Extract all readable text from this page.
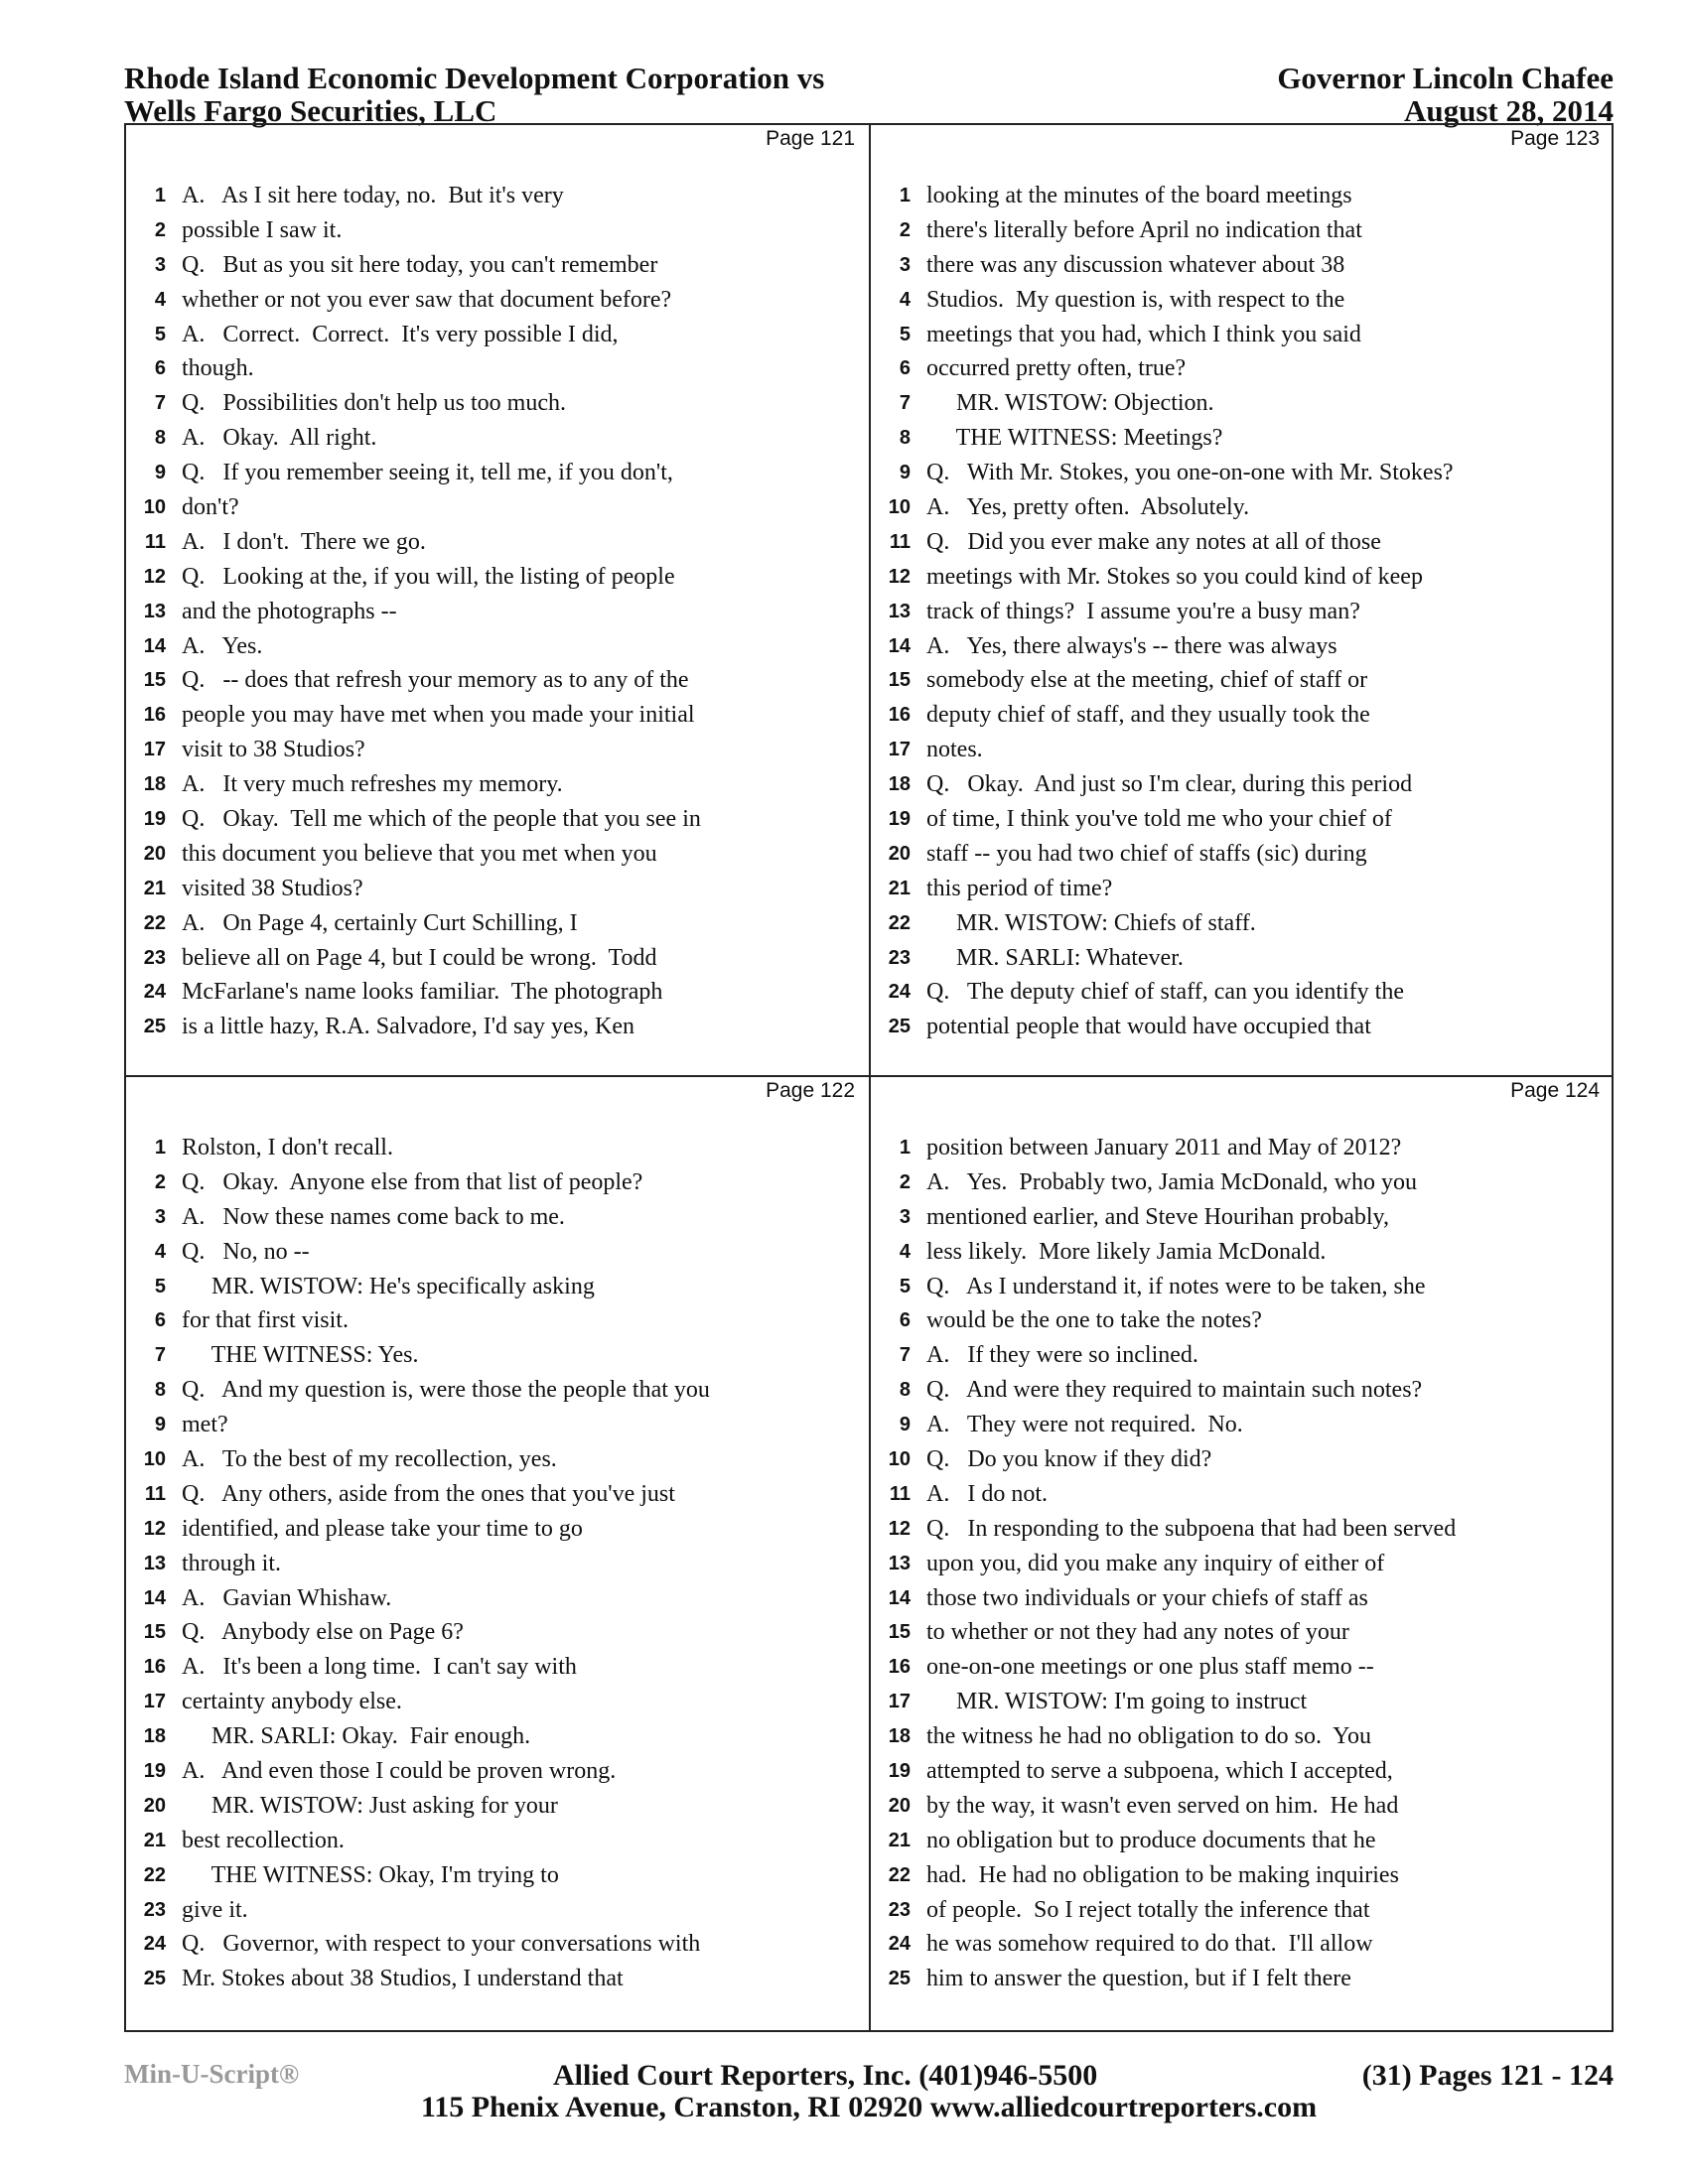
Rhode Island Economic Development Corporation vs
Wells Fargo Securities, LLC
Governor Lincoln Chafee
August 28, 2014
Page 121
1 A.   As I sit here today, no.  But it's very
2 possible I saw it.
3 Q.   But as you sit here today, you can't remember
4 whether or not you ever saw that document before?
5 A.   Correct.  Correct.  It's very possible I did,
6 though.
7 Q.   Possibilities don't help us too much.
8 A.   Okay.  All right.
9 Q.   If you remember seeing it, tell me, if you don't,
10 don't?
11 A.   I don't.  There we go.
12 Q.   Looking at the, if you will, the listing of people
13 and the photographs --
14 A.   Yes.
15 Q.   -- does that refresh your memory as to any of the
16 people you may have met when you made your initial
17 visit to 38 Studios?
18 A.   It very much refreshes my memory.
19 Q.   Okay.  Tell me which of the people that you see in
20 this document you believe that you met when you
21 visited 38 Studios?
22 A.   On Page 4, certainly Curt Schilling, I
23 believe all on Page 4, but I could be wrong.  Todd
24 McFarlane's name looks familiar.  The photograph
25 is a little hazy, R.A. Salvadore, I'd say yes, Ken
Page 123
1 looking at the minutes of the board meetings
2 there's literally before April no indication that
3 there was any discussion whatever about 38
4 Studios.  My question is, with respect to the
5 meetings that you had, which I think you said
6 occurred pretty often, true?
7 MR. WISTOW: Objection.
8 THE WITNESS: Meetings?
9 Q.   With Mr. Stokes, you one-on-one with Mr. Stokes?
10 A.   Yes, pretty often.  Absolutely.
11 Q.   Did you ever make any notes at all of those
12 meetings with Mr. Stokes so you could kind of keep
13 track of things?  I assume you're a busy man?
14 A.   Yes, there always's -- there was always
15 somebody else at the meeting, chief of staff or
16 deputy chief of staff, and they usually took the
17 notes.
18 Q.   Okay.  And just so I'm clear, during this period
19 of time, I think you've told me who your chief of
20 staff -- you had two chief of staffs (sic) during
21 this period of time?
22 MR. WISTOW: Chiefs of staff.
23 MR. SARLI: Whatever.
24 Q.   The deputy chief of staff, can you identify the
25 potential people that would have occupied that
Page 122
1 Rolston, I don't recall.
2 Q.   Okay.  Anyone else from that list of people?
3 A.   Now these names come back to me.
4 Q.   No, no --
5 MR. WISTOW: He's specifically asking
6 for that first visit.
7 THE WITNESS: Yes.
8 Q.   And my question is, were those the people that you
9 met?
10 A.   To the best of my recollection, yes.
11 Q.   Any others, aside from the ones that you've just
12 identified, and please take your time to go
13 through it.
14 A.   Gavian Whishaw.
15 Q.   Anybody else on Page 6?
16 A.   It's been a long time.  I can't say with
17 certainty anybody else.
18 MR. SARLI: Okay.  Fair enough.
19 A.   And even those I could be proven wrong.
20 MR. WISTOW: Just asking for your
21 best recollection.
22 THE WITNESS: Okay, I'm trying to
23 give it.
24 Q.   Governor, with respect to your conversations with
25 Mr. Stokes about 38 Studios, I understand that
Page 124
1 position between January 2011 and May of 2012?
2 A.   Yes.  Probably two, Jamia McDonald, who you
3 mentioned earlier, and Steve Hourihan probably,
4 less likely.  More likely Jamia McDonald.
5 Q.   As I understand it, if notes were to be taken, she
6 would be the one to take the notes?
7 A.   If they were so inclined.
8 Q.   And were they required to maintain such notes?
9 A.   They were not required.  No.
10 Q.   Do you know if they did?
11 A.   I do not.
12 Q.   In responding to the subpoena that had been served
13 upon you, did you make any inquiry of either of
14 those two individuals or your chiefs of staff as
15 to whether or not they had any notes of your
16 one-on-one meetings or one plus staff memo --
17 MR. WISTOW: I'm going to instruct
18 the witness he had no obligation to do so.  You
19 attempted to serve a subpoena, which I accepted,
20 by the way, it wasn't even served on him.  He had
21 no obligation but to produce documents that he
22 had.  He had no obligation to be making inquiries
23 of people.  So I reject totally the inference that
24 he was somehow required to do that.  I'll allow
25 him to answer the question, but if I felt there
Min-U-Script®	Allied Court Reporters, Inc. (401)946-5500	(31) Pages 121 - 124
115 Phenix Avenue, Cranston, RI 02920 www.alliedcourtreporters.com
